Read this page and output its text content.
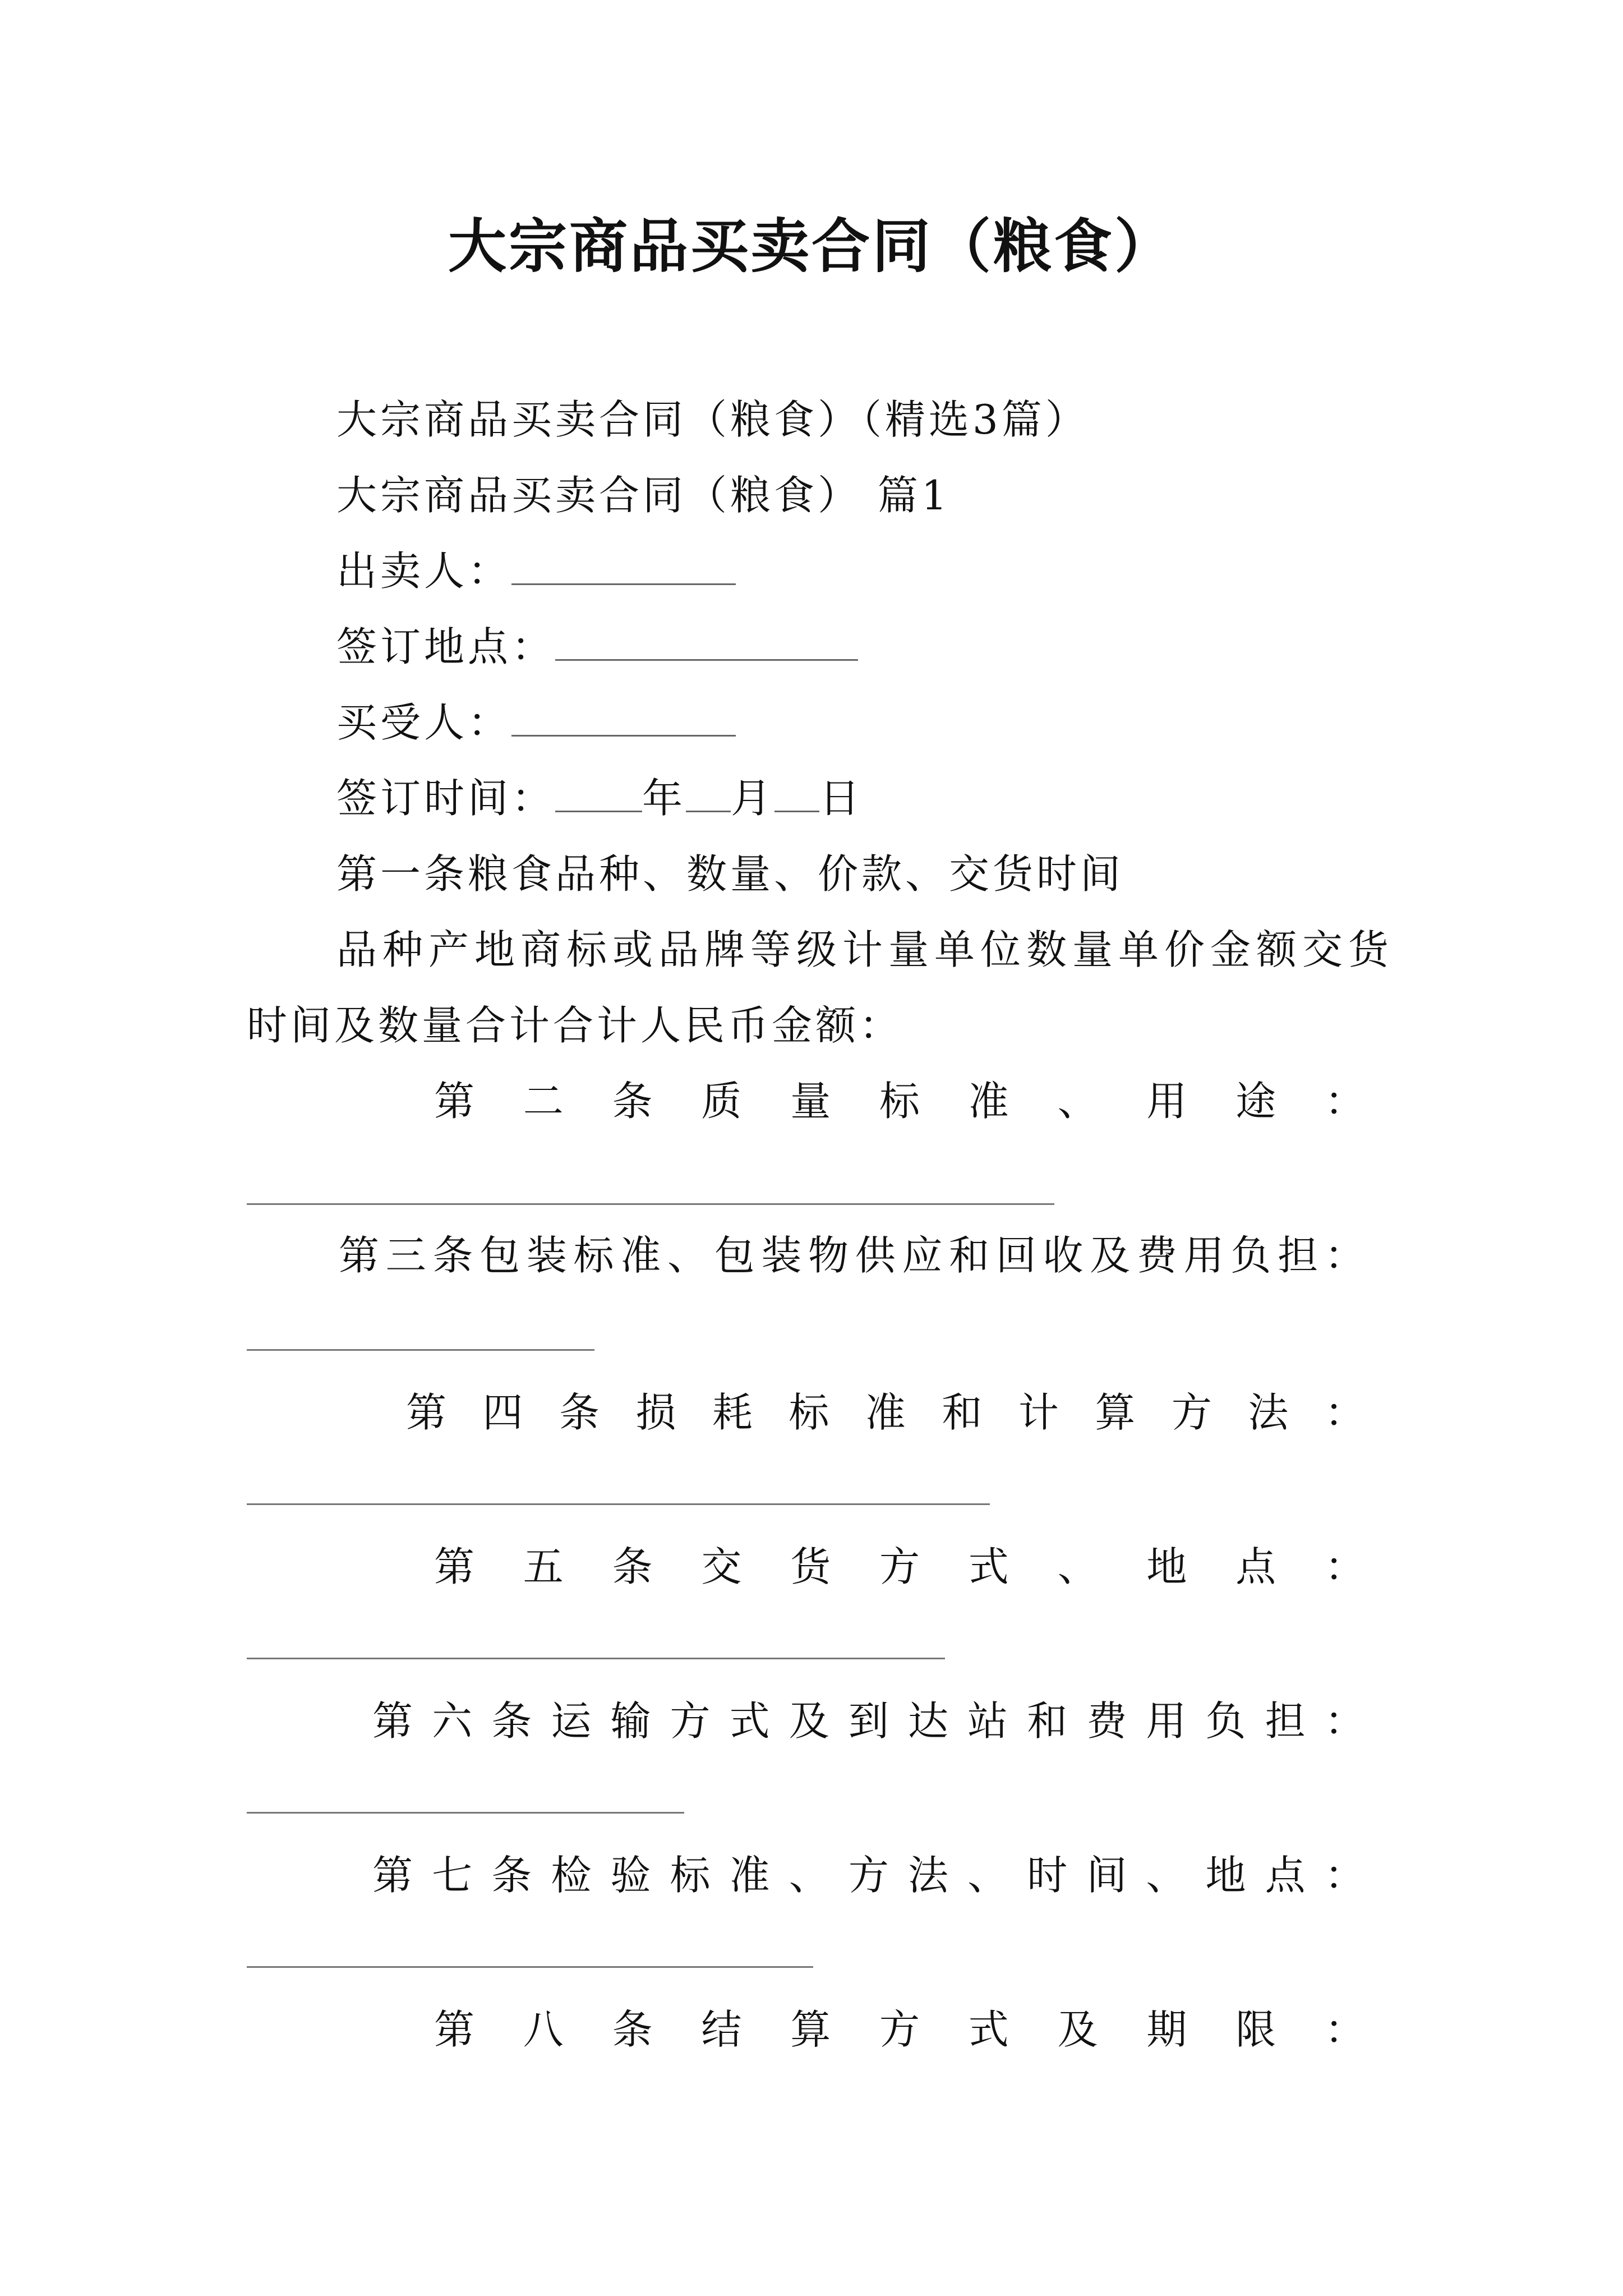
大宗商品买卖合同（粮食）
大宗商品买卖合同（粮食）（精选3篇）
大宗商品买卖合同（粮食） 篇1
出卖人：
签订地点：
买受人：
签订时间： 年 月 日
第一条粮食品种、数量、价款、交货时间
品种产地商标或品牌等级计量单位数量单价金额交货
时间及数量合计合计人民币金额：
第 二 条 质 量 标 准 、 用 途 ：
第 三 条 包 装 标 准 、 包 装 物 供 应 和 回 收 及 费 用 负 担 ：
第 四 条 损 耗 标 准 和 计 算 方 法 ：
第 五 条 交 货 方 式 、 地 点 ：
第 六 条 运 输 方 式 及 到 达 站 和 费 用 负 担 ：
第 七 条 检 验 标 准 、 方 法 、 时 间 、 地 点 ：
第 八 条 结 算 方 式 及 期 限 ：
